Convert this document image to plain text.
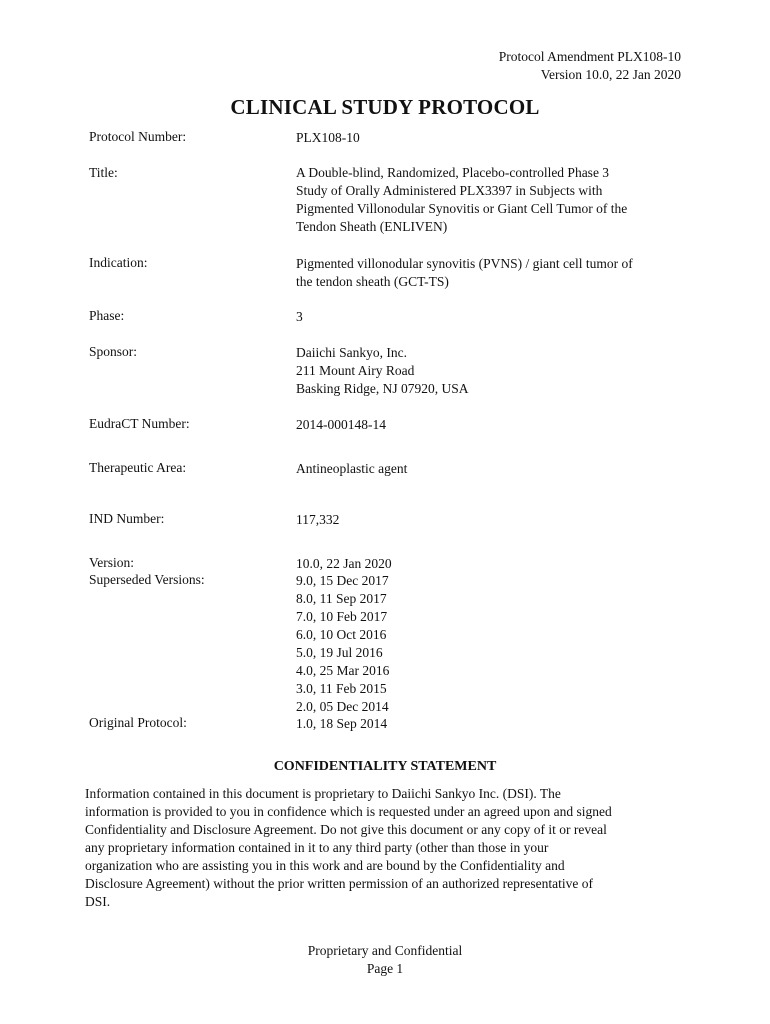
Protocol Amendment PLX108-10
Version 10.0, 22 Jan 2020
CLINICAL STUDY PROTOCOL
Protocol Number:	PLX108-10
Title:	A Double-blind, Randomized, Placebo-controlled Phase 3
Study of Orally Administered PLX3397 in Subjects with
Pigmented Villonodular Synovitis or Giant Cell Tumor of the
Tendon Sheath (ENLIVEN)
Indication:	Pigmented villonodular synovitis (PVNS) / giant cell tumor of
the tendon sheath (GCT-TS)
Phase:	3
Sponsor:	Daiichi Sankyo, Inc.
211 Mount Airy Road
Basking Ridge, NJ 07920, USA
EudraCT Number:	2014-000148-14
Therapeutic Area:	Antineoplastic agent
IND Number:	117,332
Version:	10.0, 22 Jan 2020
Superseded Versions:	9.0, 15 Dec 2017
8.0, 11 Sep 2017
7.0, 10 Feb 2017
6.0, 10 Oct 2016
5.0, 19 Jul 2016
4.0, 25 Mar 2016
3.0, 11 Feb 2015
2.0, 05 Dec 2014
Original Protocol:	1.0, 18 Sep 2014
CONFIDENTIALITY STATEMENT
Information contained in this document is proprietary to Daiichi Sankyo Inc. (DSI). The
information is provided to you in confidence which is requested under an agreed upon and signed
Confidentiality and Disclosure Agreement. Do not give this document or any copy of it or reveal
any proprietary information contained in it to any third party (other than those in your
organization who are assisting you in this work and are bound by the Confidentiality and
Disclosure Agreement) without the prior written permission of an authorized representative of
DSI.
Proprietary and Confidential
Page 1
